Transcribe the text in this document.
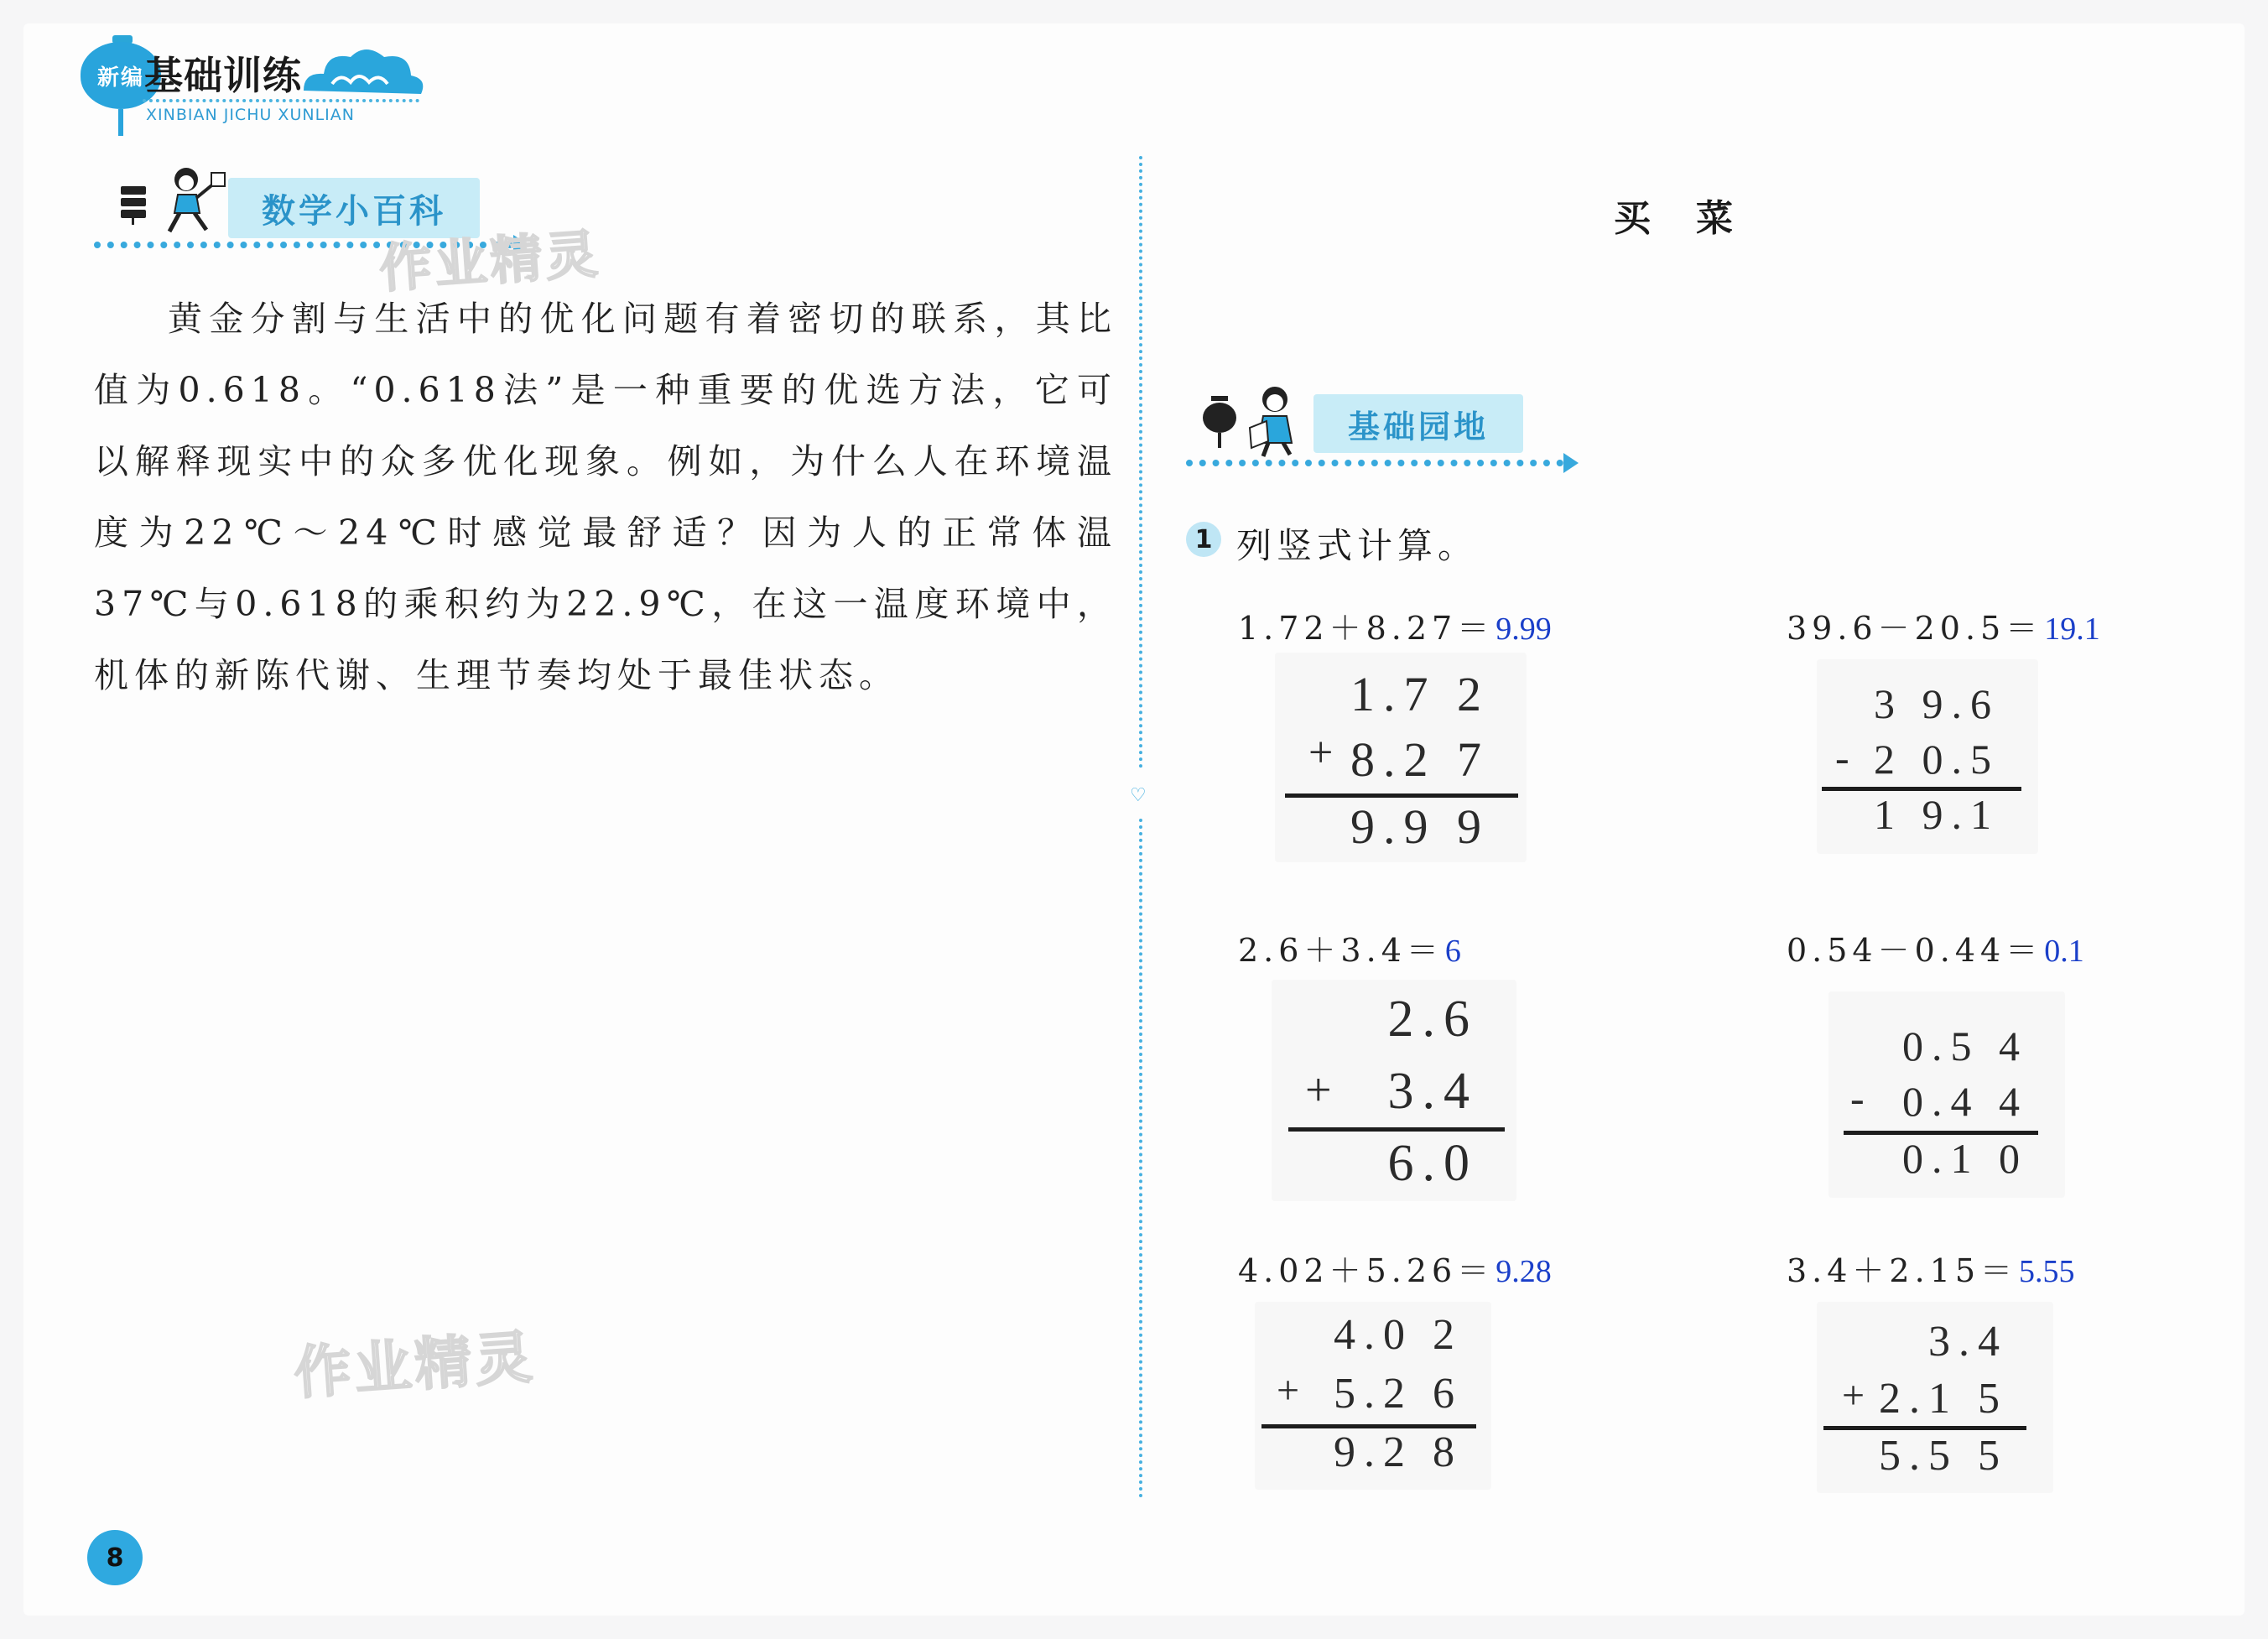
新编 基础训练
XINBIAN JICHU XUNLIAN
数学小百科
作业精灵
黄金分割与生活中的优化问题有着密切的联系，其比值为0.618。“0.618法”是一种重要的优选方法，它可以解释现实中的众多优化现象。例如，为什么人在环境温度为22℃～24℃时感觉最舒适？因为人的正常体温37℃与0.618的乘积约为22.9℃，在这一温度环境中，机体的新陈代谢、生理节奏均处于最佳状态。
作业精灵
♡
买菜
基础园地
1 列竖式计算。
1.72＋8.27＝9.99
1.7 2
+ 8.2 7
9.9 9
39.6－20.5＝19.1
3 9.6
- 2 0.5
1 9.1
2.6＋3.4＝6
2.6
+ 3.4
6.0
0.54－0.44＝0.1
0.5 4
- 0.4 4
0.1 0
4.02＋5.26＝9.28
4.0 2
+ 5.2 6
9.2 8
3.4＋2.15＝5.55
3.4
+ 2.1 5
5.5 5
8
